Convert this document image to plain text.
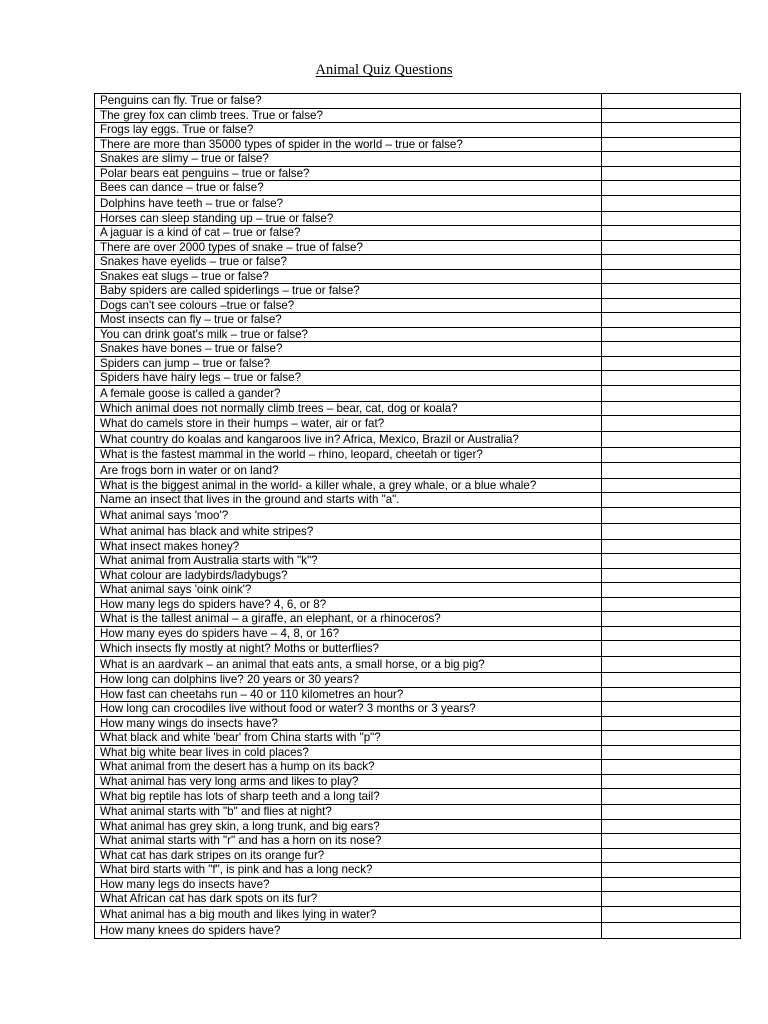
Animal Quiz Questions
Penguins can fly. True or false?	
The grey fox can climb trees. True or false?	
Frogs lay eggs. True or false?	
There are more than 35000 types of spider in the world – true or false?	
Snakes are slimy – true or false?	
Polar bears eat penguins – true or false?	
Bees can dance – true or false?	
Dolphins have teeth – true or false?	
Horses can sleep standing up – true or false?	
A jaguar is a kind of cat – true or false?	
There are over 2000 types of snake – true of false?	
Snakes have eyelids – true or false?	
Snakes eat slugs – true or false?	
Baby spiders are called spiderlings – true or false?	
Dogs can't see colours –true or false?	
Most insects can fly – true or false?	
You can drink goat's milk – true or false?	
Snakes have bones – true or false?	
Spiders can jump – true or false?	
Spiders have hairy legs – true or false?	
A female goose is called a gander?	
Which animal does not normally climb trees – bear, cat, dog or koala?	
What do camels store in their humps – water, air or fat?	
What country do koalas and kangaroos live in? Africa, Mexico, Brazil or Australia?	
What is the fastest mammal in the world – rhino, leopard, cheetah or tiger?	
Are frogs born in water or on land?	
What is the biggest animal in the world- a killer whale, a grey whale, or a blue whale?	
Name an insect that lives in the ground and starts with "a".	
What animal says 'moo'?	
What animal has black and white stripes?	
What insect makes honey?	
What animal from Australia starts with "k"?	
What colour are ladybirds/ladybugs?	
What animal says 'oink oink'?	
How many legs do spiders have? 4, 6, or 8?	
What is the tallest animal – a giraffe, an elephant, or a rhinoceros?	
How many eyes do spiders have – 4, 8, or 16?	
Which insects fly mostly at night? Moths or butterflies?	
What is an aardvark – an animal that eats ants, a small horse, or a big pig?	
How long can dolphins live? 20 years or 30 years?	
How fast can cheetahs run – 40 or 110 kilometres an hour?	
How long can crocodiles live without food or water? 3 months or 3 years?	
How many wings do insects have?	
What black and white 'bear' from China starts with "p"?	
What big white bear lives in cold places?	
What animal from the desert has a hump on its back?	
What animal has very long arms and likes to play?	
What big reptile has lots of sharp teeth and a long tail?	
What animal starts with "b" and flies at night?	
What animal has grey skin, a long trunk, and big ears?	
What animal starts with "r" and has a horn on its nose?	
What cat has dark stripes on its orange fur?	
What bird starts with "f", is pink and has a long neck?	
How many legs do insects have?	
What African cat has dark spots on its fur?	
What animal has a big mouth and likes lying in water?	
How many knees do spiders have?	
